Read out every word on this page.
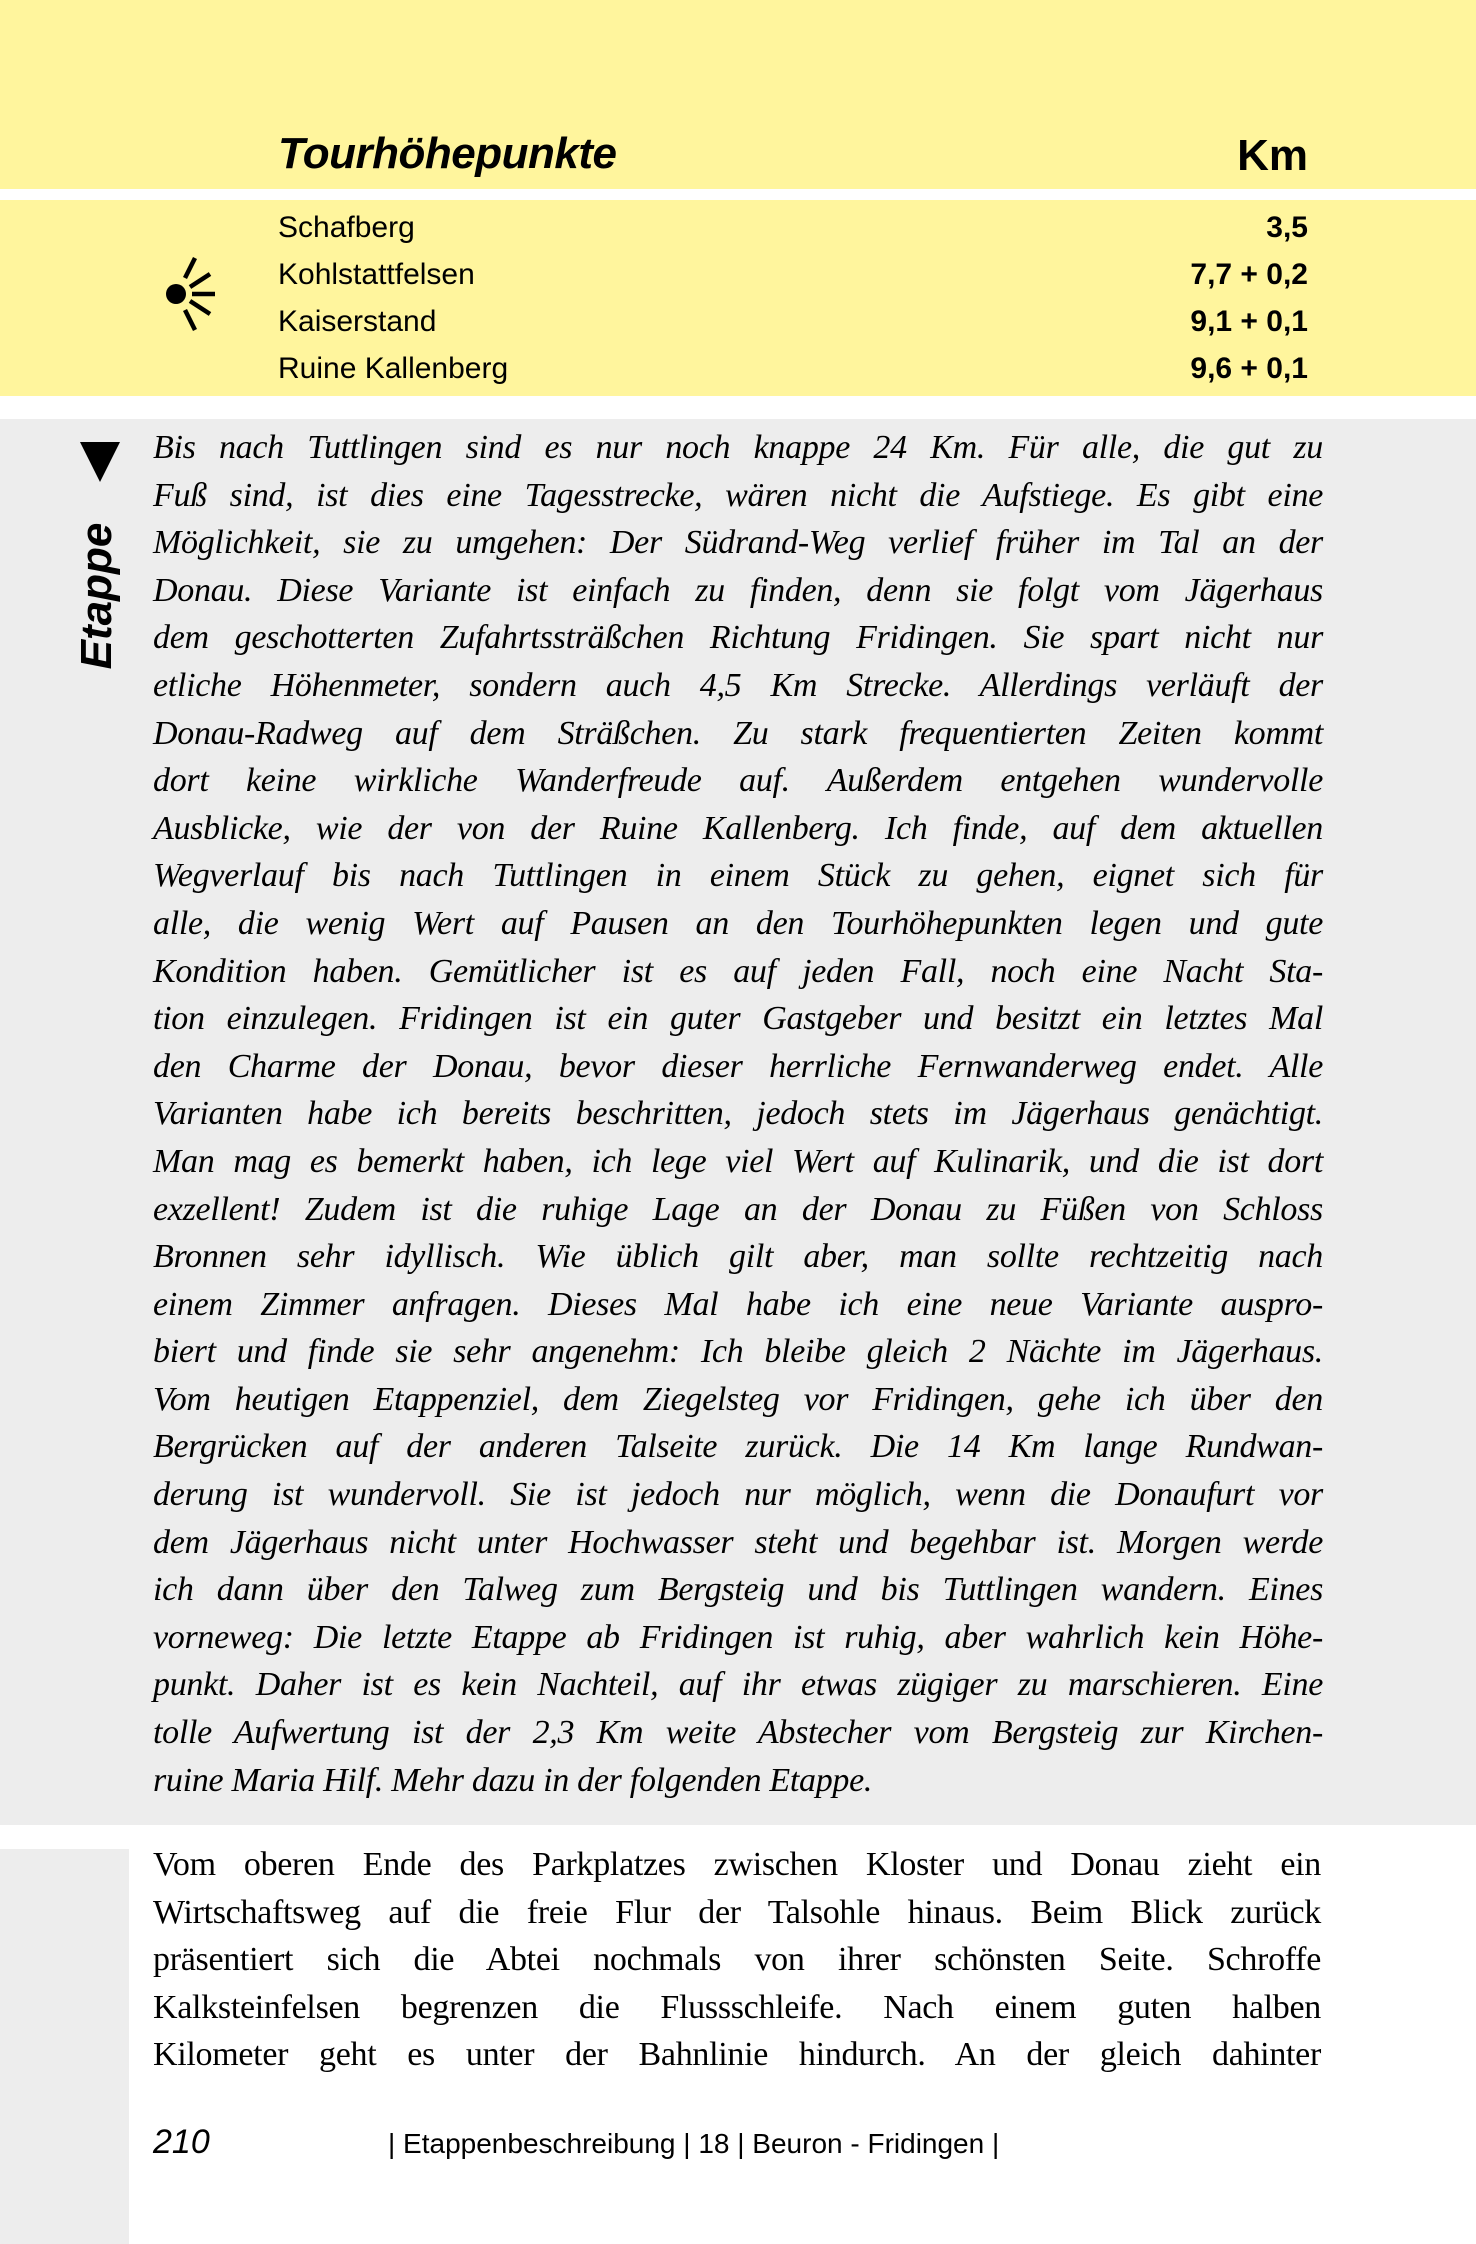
Tourhöhepunkte	Km
Schafberg	3,5
Kohlstattfelsen	7,7 + 0,2
Kaiserstand	9,1 + 0,1
Ruine Kallenberg	9,6 + 0,1
Etappe
Bis nach Tuttlingen sind es nur noch knappe 24 Km. Für alle, die gut zu
Fuß sind, ist dies eine Tagesstrecke, wären nicht die Aufstiege. Es gibt eine
Möglichkeit, sie zu umgehen: Der Südrand-Weg verlief früher im Tal an der
Donau. Diese Variante ist einfach zu finden, denn sie folgt vom Jägerhaus
dem geschotterten Zufahrtssträßchen Richtung Fridingen. Sie spart nicht nur
etliche Höhenmeter, sondern auch 4,5 Km Strecke. Allerdings verläuft der
Donau-Radweg auf dem Sträßchen. Zu stark frequentierten Zeiten kommt
dort keine wirkliche Wanderfreude auf. Außerdem entgehen wundervolle
Ausblicke, wie der von der Ruine Kallenberg. Ich finde, auf dem aktuellen
Wegverlauf bis nach Tuttlingen in einem Stück zu gehen, eignet sich für
alle, die wenig Wert auf Pausen an den Tourhöhepunkten legen und gute
Kondition haben. Gemütlicher ist es auf jeden Fall, noch eine Nacht Sta-
tion einzulegen. Fridingen ist ein guter Gastgeber und besitzt ein letztes Mal
den Charme der Donau, bevor dieser herrliche Fernwanderweg endet. Alle
Varianten habe ich bereits beschritten, jedoch stets im Jägerhaus genächtigt.
Man mag es bemerkt haben, ich lege viel Wert auf Kulinarik, und die ist dort
exzellent! Zudem ist die ruhige Lage an der Donau zu Füßen von Schloss
Bronnen sehr idyllisch. Wie üblich gilt aber, man sollte rechtzeitig nach
einem Zimmer anfragen. Dieses Mal habe ich eine neue Variante auspro-
biert und finde sie sehr angenehm: Ich bleibe gleich 2 Nächte im Jägerhaus.
Vom heutigen Etappenziel, dem Ziegelsteg vor Fridingen, gehe ich über den
Bergrücken auf der anderen Talseite zurück. Die 14 Km lange Rundwan-
derung ist wundervoll. Sie ist jedoch nur möglich, wenn die Donaufurt vor
dem Jägerhaus nicht unter Hochwasser steht und begehbar ist. Morgen werde
ich dann über den Talweg zum Bergsteig und bis Tuttlingen wandern. Eines
vorneweg: Die letzte Etappe ab Fridingen ist ruhig, aber wahrlich kein Höhe-
punkt. Daher ist es kein Nachteil, auf ihr etwas zügiger zu marschieren. Eine
tolle Aufwertung ist der 2,3 Km weite Abstecher vom Bergsteig zur Kirchen-
ruine Maria Hilf. Mehr dazu in der folgenden Etappe.
Vom oberen Ende des Parkplatzes zwischen Kloster und Donau zieht ein
Wirtschaftsweg auf die freie Flur der Talsohle hinaus. Beim Blick zurück
präsentiert sich die Abtei nochmals von ihrer schönsten Seite. Schroffe
Kalksteinfelsen begrenzen die Flussschleife. Nach einem guten halben
Kilometer geht es unter der Bahnlinie hindurch. An der gleich dahinter
210	| Etappenbeschreibung | 18 | Beuron - Fridingen |
